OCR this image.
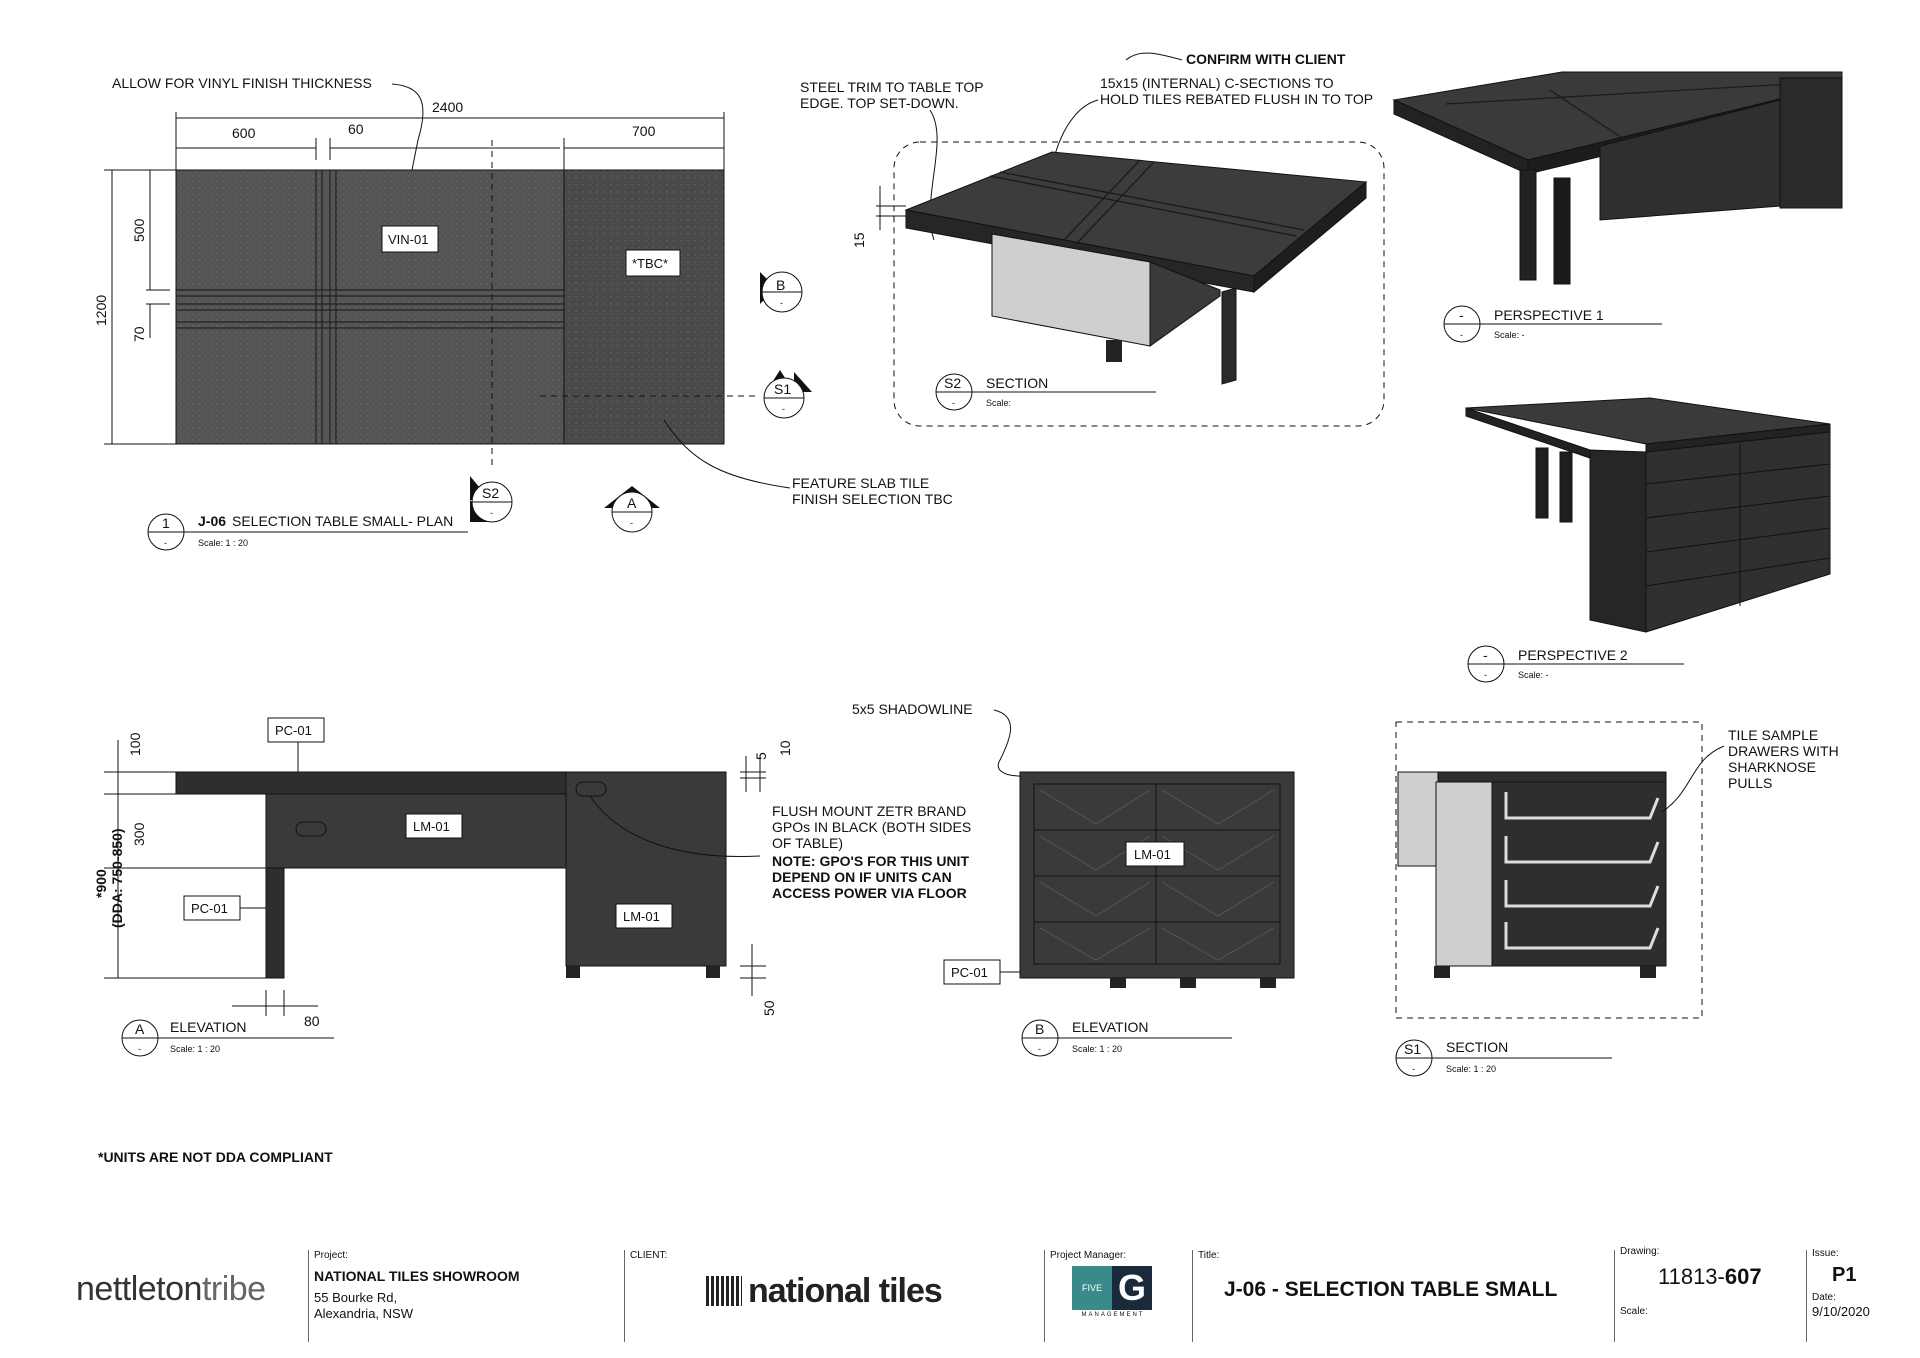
ALLOW FOR VINYL FINISH THICKNESS
2400
600	60	700
1200
500
70
VIN-01
*TBC*
FEATURE SLAB TILE
FINISH SELECTION TBC
B
-
S1
-
S2
-
A
-
1
-
J-06 SELECTION TABLE SMALL- PLAN
Scale: 1 : 20
CONFIRM WITH CLIENT
STEEL TRIM TO TABLE TOP
EDGE. TOP SET-DOWN.
15x15 (INTERNAL) C-SECTIONS TO
HOLD TILES REBATED FLUSH IN TO TOP
15
S2
-
SECTION
Scale:
-
-
PERSPECTIVE 1
Scale: -
-
-
PERSPECTIVE 2
Scale: -
PC-01
LM-01
LM-01
PC-01
100
300
*900 (DDA: 750-850)
80
5
10
50
FLUSH MOUNT ZETR BRAND
GPOs IN BLACK (BOTH SIDES
OF TABLE)
NOTE: GPO'S FOR THIS UNIT
DEPEND ON IF UNITS CAN
ACCESS POWER VIA FLOOR
A
-
ELEVATION
Scale: 1 : 20
5x5 SHADOWLINE
LM-01
PC-01
B
-
ELEVATION
Scale: 1 : 20
TILE SAMPLE
DRAWERS WITH
SHARKNOSE
PULLS
S1
-
SECTION
Scale: 1 : 20
*UNITS ARE NOT DDA COMPLIANT
nettletontribe
Project:
NATIONAL TILES SHOWROOM
55 Bourke Rd,
Alexandria, NSW
CLIENT:
national tiles
Project Manager:
FIVE G
MANAGEMENT
Title:
J-06 - SELECTION TABLE SMALL
Drawing:
11813-607
Scale:
Issue:
P1
Date:
9/10/2020
